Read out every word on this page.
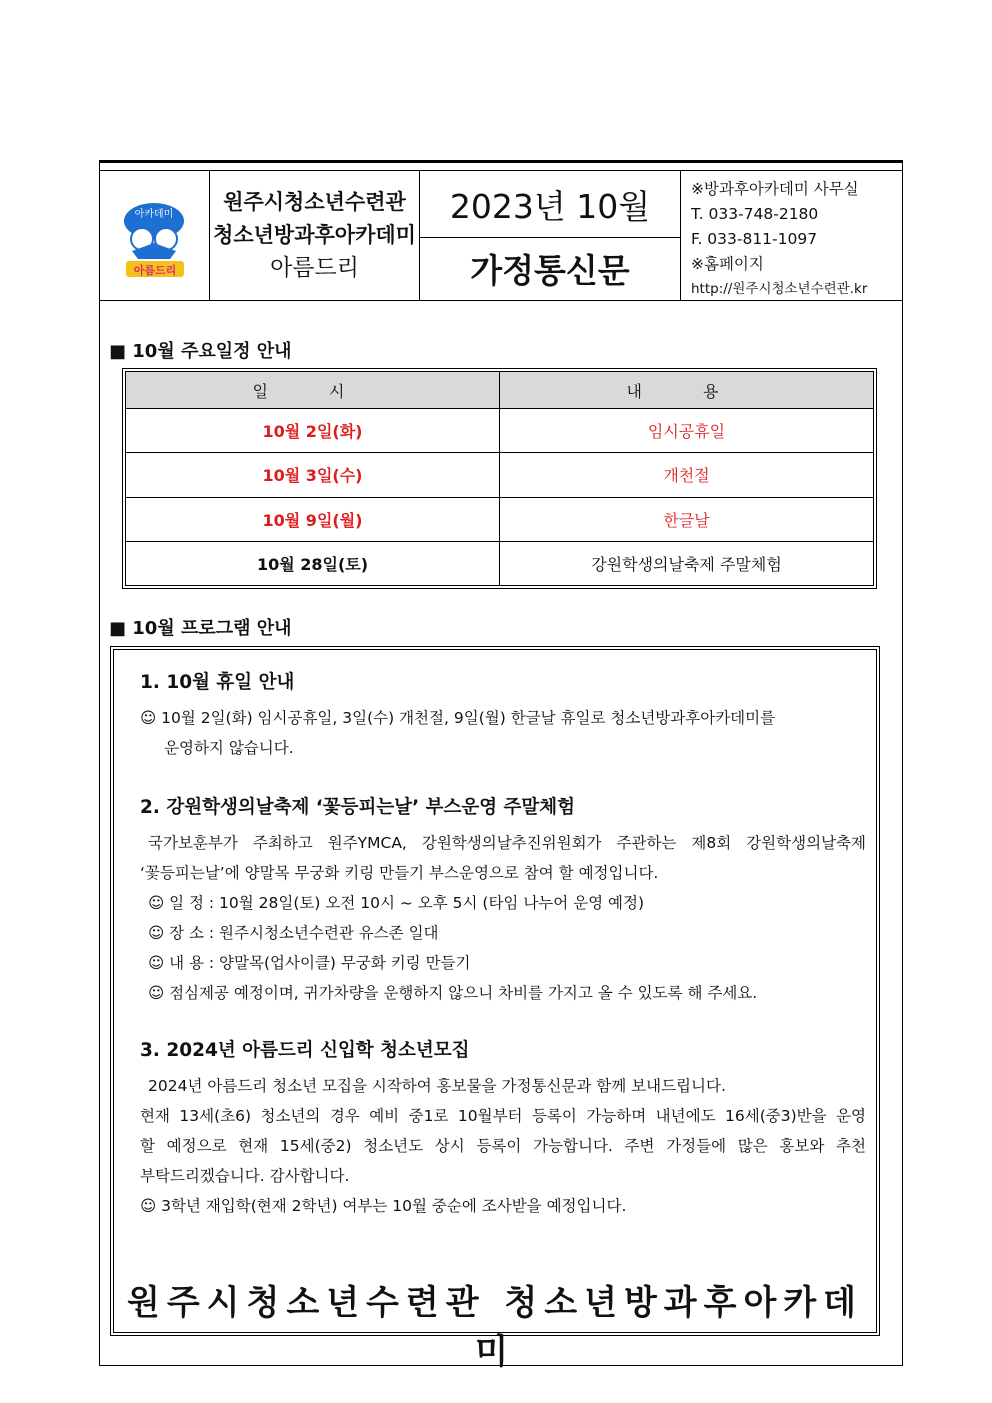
아카데미
아름드리
원주시청소년수련관
청소년방과후아카데미
아름드리
2023년 10월
가정통신문
※방과후아카데미 사무실
T. 033-748-2180
F. 033-811-1097
※홈페이지
http://원주시청소년수련관.kr
■ 10월 주요일정 안내
일 시	내 용
10월 2일(화)	임시공휴일
10월 3일(수)	개천절
10월 9일(월)	한글날
10월 28일(토)	강원학생의날축제 주말체험
■ 10월 프로그램 안내
1. 10월 휴일 안내
☺ 10월 2일(화) 임시공휴일, 3일(수) 개천절, 9일(월) 한글날 휴일로 청소년방과후아카데미를
운영하지 않습니다.
2. 강원학생의날축제 ‘꽃등피는날’ 부스운영 주말체험
국가보훈부가 주최하고 원주YMCA, 강원학생의날추진위원회가 주관하는 제8회 강원학생의날축제
‘꽃등피는날’에 양말목 무궁화 키링 만들기 부스운영으로 참여 할 예정입니다.
☺ 일 정 : 10월 28일(토) 오전 10시 ~ 오후 5시 (타임 나누어 운영 예정)
☺ 장 소 : 원주시청소년수련관 유스존 일대
☺ 내 용 : 양말목(업사이클) 무궁화 키링 만들기
☺ 점심제공 예정이며, 귀가차량을 운행하지 않으니 차비를 가지고 올 수 있도록 해 주세요.
3. 2024년 아름드리 신입학 청소년모집
2024년 아름드리 청소년 모집을 시작하여 홍보물을 가정통신문과 함께 보내드립니다.
현재 13세(초6) 청소년의 경우 예비 중1로 10월부터 등록이 가능하며 내년에도 16세(중3)반을 운영
할 예정으로 현재 15세(중2) 청소년도 상시 등록이 가능합니다. 주변 가정들에 많은 홍보와 추천
부탁드리겠습니다. 감사합니다.
☺ 3학년 재입학(현재 2학년) 여부는 10월 중순에 조사받을 예정입니다.
원주시청소년수련관 청소년방과후아카데미
